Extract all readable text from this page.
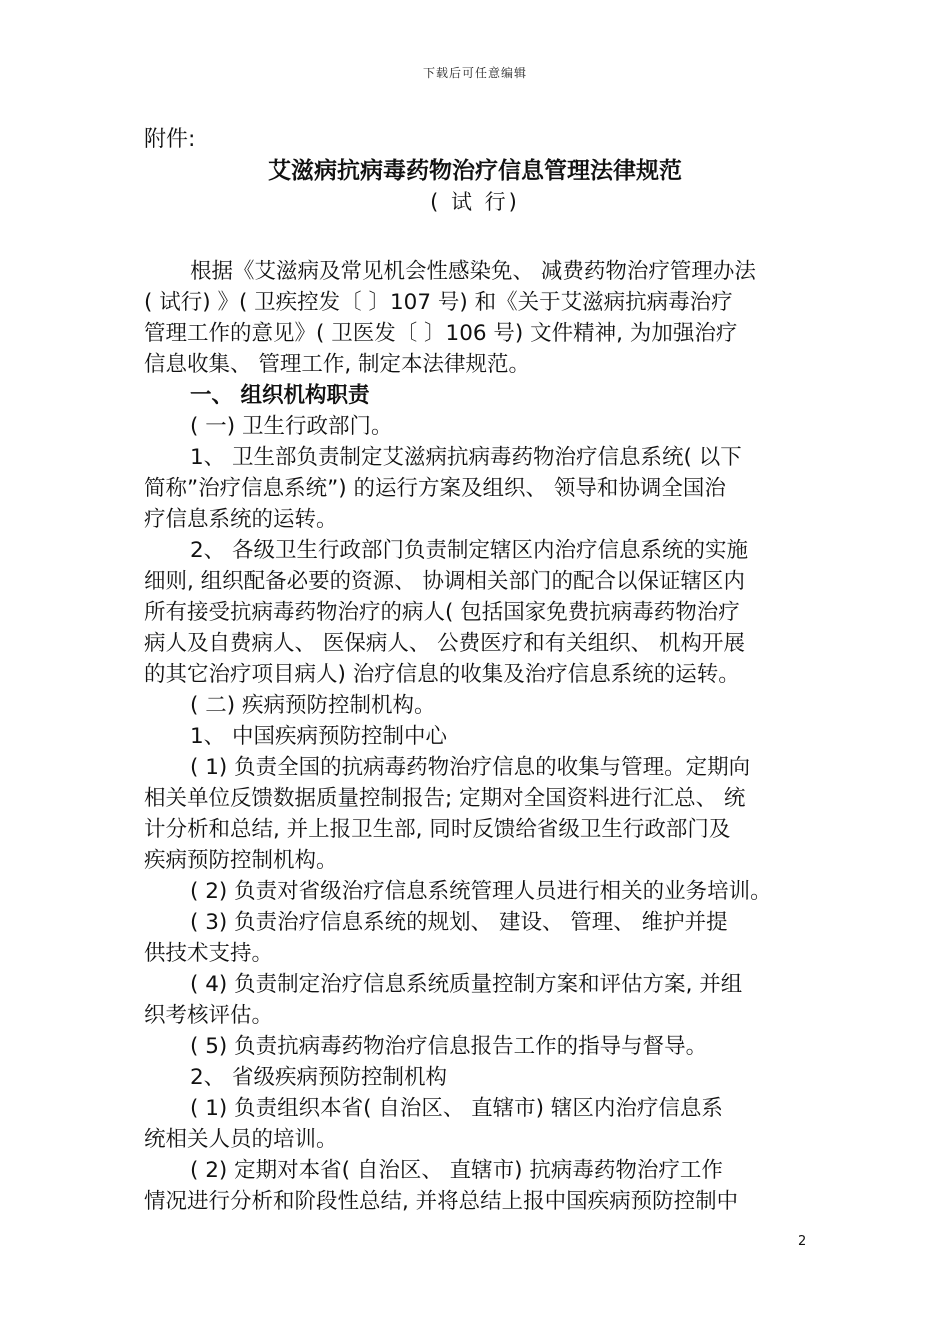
下载后可任意编辑
附件:
艾滋病抗病毒药物治疗信息管理法律规范
( 试 行)
根据《艾滋病及常见机会性感染免、 减费药物治疗管理办法
( 试行) 》( 卫疾控发〔 〕107 号) 和《关于艾滋病抗病毒治疗
管理工作的意见》( 卫医发〔 〕106 号) 文件精神, 为加强治疗
信息收集、 管理工作, 制定本法律规范。
一、 组织机构职责
( 一) 卫生行政部门。
1、 卫生部负责制定艾滋病抗病毒药物治疗信息系统( 以下
简称”治疗信息系统”) 的运行方案及组织、 领导和协调全国治
疗信息系统的运转。
2、 各级卫生行政部门负责制定辖区内治疗信息系统的实施
细则, 组织配备必要的资源、 协调相关部门的配合以保证辖区内
所有接受抗病毒药物治疗的病人( 包括国家免费抗病毒药物治疗
病人及自费病人、 医保病人、 公费医疗和有关组织、 机构开展
的其它治疗项目病人) 治疗信息的收集及治疗信息系统的运转。
( 二) 疾病预防控制机构。
1、 中国疾病预防控制中心
( 1) 负责全国的抗病毒药物治疗信息的收集与管理。定期向
相关单位反馈数据质量控制报告; 定期对全国资料进行汇总、 统
计分析和总结, 并上报卫生部, 同时反馈给省级卫生行政部门及
疾病预防控制机构。
( 2) 负责对省级治疗信息系统管理人员进行相关的业务培训。
( 3) 负责治疗信息系统的规划、 建设、 管理、 维护并提
供技术支持。
( 4) 负责制定治疗信息系统质量控制方案和评估方案, 并组
织考核评估。
( 5) 负责抗病毒药物治疗信息报告工作的指导与督导。
2、 省级疾病预防控制机构
( 1) 负责组织本省( 自治区、 直辖市) 辖区内治疗信息系
统相关人员的培训。
( 2) 定期对本省( 自治区、 直辖市) 抗病毒药物治疗工作
情况进行分析和阶段性总结, 并将总结上报中国疾病预防控制中
2
